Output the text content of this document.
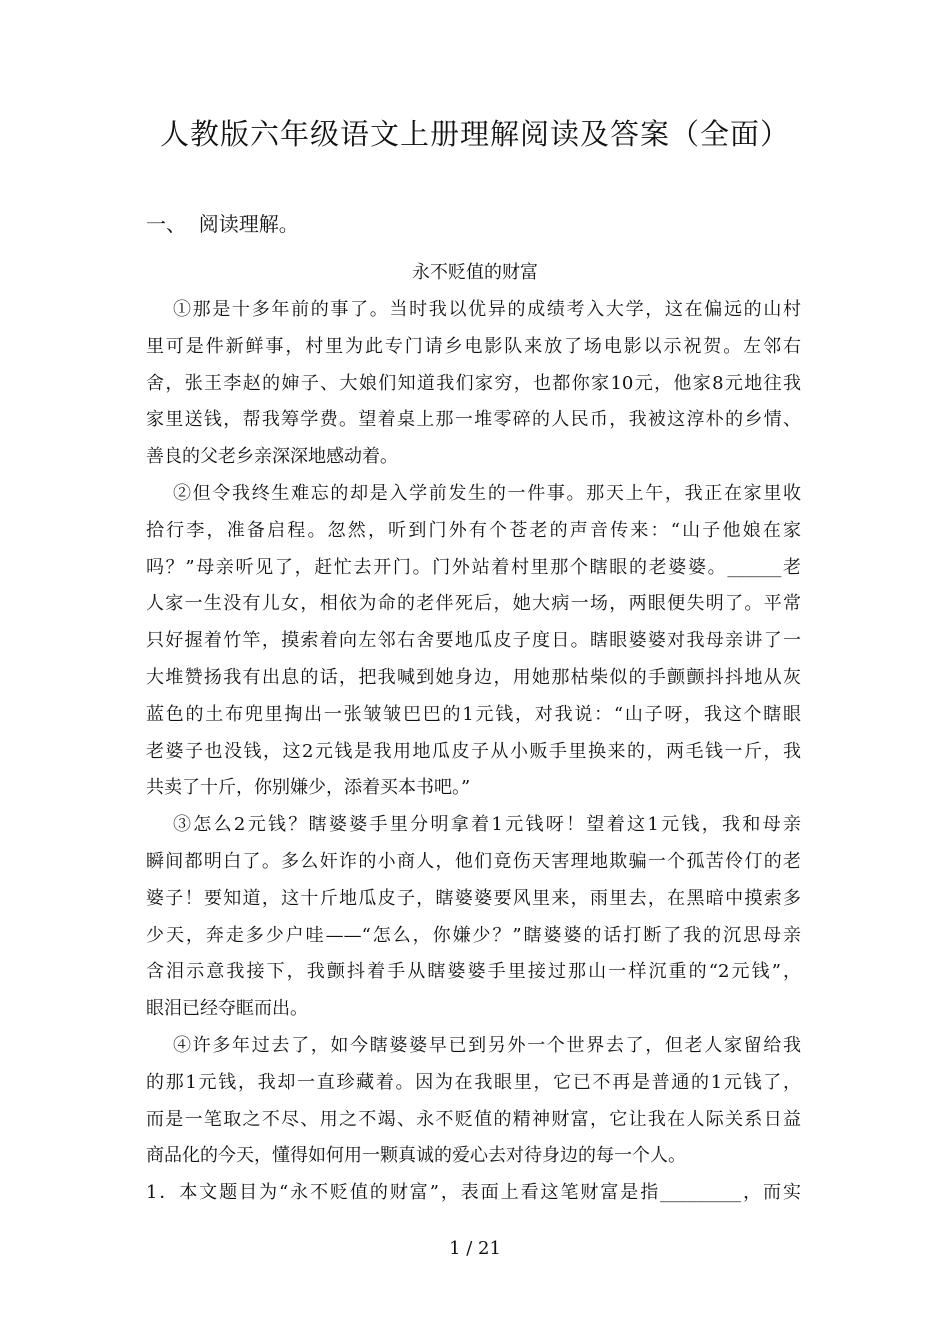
人教版六年级语文上册理解阅读及答案（全面）
一、  阅读理解。
永不贬值的财富
①那是十多年前的事了。当时我以优异的成绩考入大学，这在偏远的山村
里可是件新鲜事，村里为此专门请乡电影队来放了场电影以示祝贺。左邻右
舍，张王李赵的婶子、大娘们知道我们家穷，也都你家10元，他家8元地往我
家里送钱，帮我筹学费。望着桌上那一堆零碎的人民币，我被这淳朴的乡情、
善良的父老乡亲深深地感动着。
②但令我终生难忘的却是入学前发生的一件事。那天上午，我正在家里收
拾行李，准备启程。忽然，听到门外有个苍老的声音传来：“山子他娘在家
吗？”母亲听见了，赶忙去开门。门外站着村里那个瞎眼的老婆婆。______老
人家一生没有儿女，相依为命的老伴死后，她大病一场，两眼便失明了。平常
只好握着竹竿，摸索着向左邻右舍要地瓜皮子度日。瞎眼婆婆对我母亲讲了一
大堆赞扬我有出息的话，把我喊到她身边，用她那枯柴似的手颤颤抖抖地从灰
蓝色的土布兜里掏出一张皱皱巴巴的1元钱，对我说：“山子呀，我这个瞎眼
老婆子也没钱，这2元钱是我用地瓜皮子从小贩手里换来的，两毛钱一斤，我
共卖了十斤，你别嫌少，添着买本书吧。”
③怎么2元钱？瞎婆婆手里分明拿着1元钱呀！望着这1元钱，我和母亲
瞬间都明白了。多么奸诈的小商人，他们竟伤天害理地欺骗一个孤苦伶仃的老
婆子！要知道，这十斤地瓜皮子，瞎婆婆要风里来，雨里去，在黑暗中摸索多
少天，奔走多少户哇——“怎么，你嫌少？”瞎婆婆的话打断了我的沉思母亲
含泪示意我接下，我颤抖着手从瞎婆婆手里接过那山一样沉重的“2元钱”，
眼泪已经夺眶而出。
④许多年过去了，如今瞎婆婆早已到另外一个世界去了，但老人家留给我
的那1元钱，我却一直珍藏着。因为在我眼里，它已不再是普通的1元钱了，
而是一笔取之不尽、用之不竭、永不贬值的精神财富，它让我在人际关系日益
商品化的今天，懂得如何用一颗真诚的爱心去对待身边的每一个人。
1．本文题目为“永不贬值的财富”，表面上看这笔财富是指_________，而实
1 / 21
